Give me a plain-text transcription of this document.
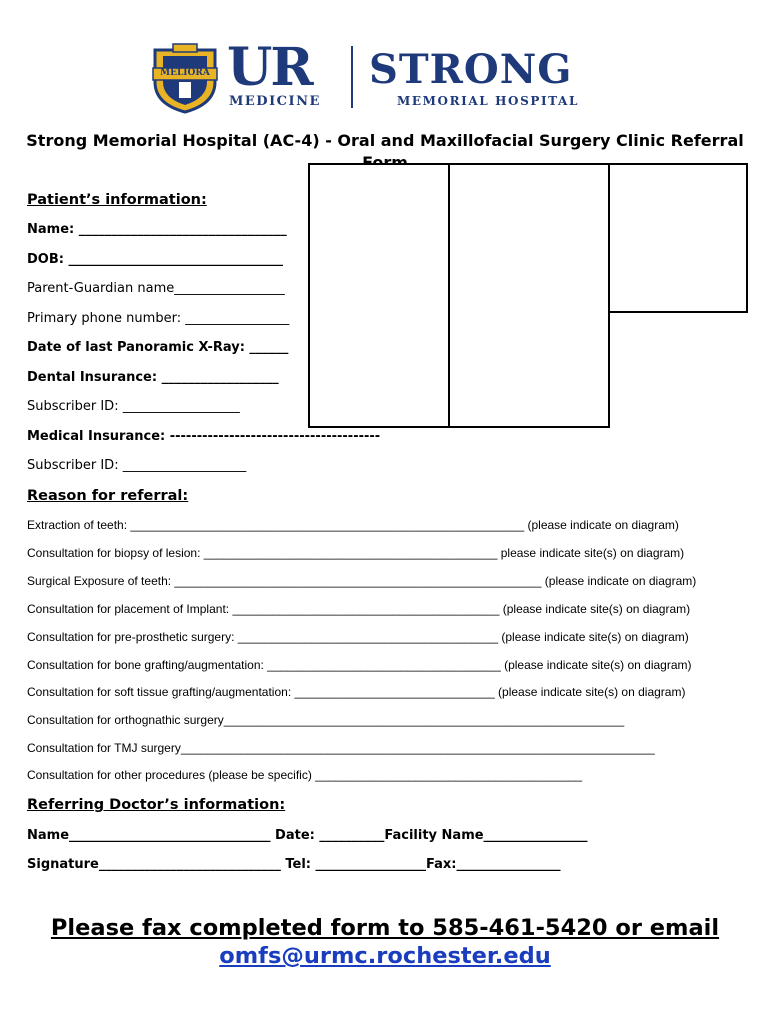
MELIORA UR
MEDICINE
STRONG
MEMORIAL HOSPITAL
Strong Memorial Hospital (AC-4) - Oral and Maxillofacial Surgery Clinic Referral
Patient’s information:
Name: ________________________________
DOB: _________________________________
Parent-Guardian name_________________
Primary phone number: ________________
Date of last Panoramic X-Ray: ______
Dental Insurance: __________________
Subscriber ID: __________________
Medical Insurance: ---------------------------------------
Subscriber ID: ___________________
Reason for referral:
Extraction of teeth: ___________________________________________________________ (please indicate on diagram)
Consultation for biopsy of lesion: ____________________________________________ please indicate site(s) on diagram)
Surgical Exposure of teeth: _______________________________________________________ (please indicate on diagram)
Consultation for placement of Implant: ________________________________________ (please indicate site(s) on diagram)
Consultation for pre-prosthetic surgery: _______________________________________ (please indicate site(s) on diagram)
Consultation for bone grafting/augmentation: ___________________________________ (please indicate site(s) on diagram)
Consultation for soft tissue grafting/augmentation: ______________________________ (please indicate site(s) on diagram)
Consultation for orthognathic surgery____________________________________________________________
Consultation for TMJ surgery_______________________________________________________________________
Consultation for other procedures (please be specific) ________________________________________
Referring Doctor’s information:
Name_______________________________ Date: __________Facility Name________________
Signature____________________________ Tel: _________________Fax:________________
Please fax completed form to 585-461-5420 or email
omfs@urmc.rochester.edu
